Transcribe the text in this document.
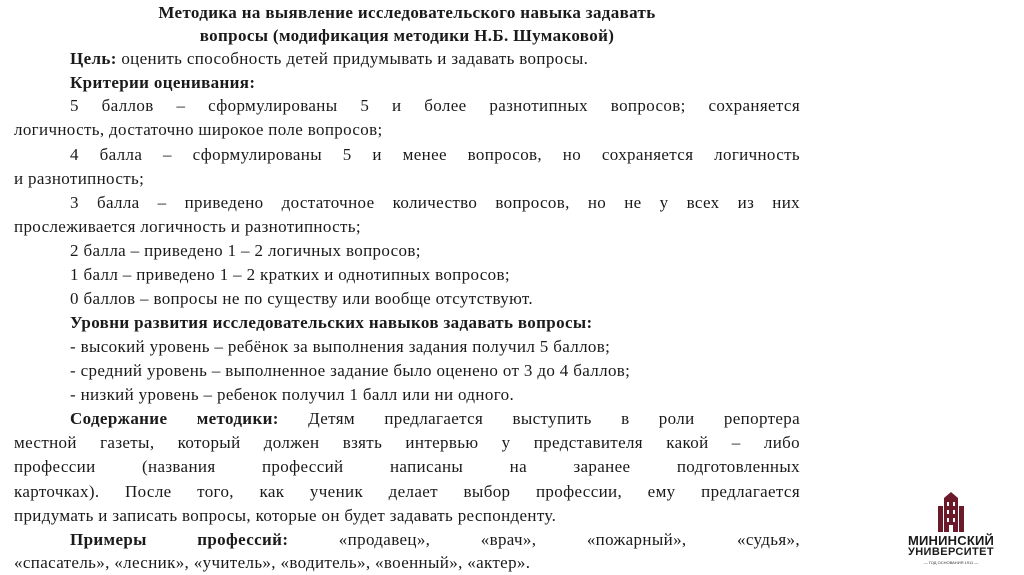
Методика на выявление исследовательского навыка задавать
вопросы (модификация методики Н.Б. Шумаковой)
Цель: оценить способность детей придумывать и задавать вопросы.
Критерии оценивания:
5 баллов – сформулированы 5 и более разнотипных вопросов; сохраняется
логичность, достаточно широкое поле вопросов;
4 балла – сформулированы 5 и менее вопросов, но сохраняется логичность
и разнотипность;
3 балла – приведено достаточное количество вопросов, но не у всех из них
прослеживается логичность и разнотипность;
2 балла – приведено 1 – 2 логичных вопросов;
1 балл – приведено 1 – 2 кратких и однотипных вопросов;
0 баллов – вопросы не по существу или вообще отсутствуют.
Уровни развития исследовательских навыков задавать вопросы:
- высокий уровень – ребёнок за выполнения задания получил 5 баллов;
- средний уровень – выполненное задание было оценено от 3 до 4 баллов;
- низкий уровень – ребенок получил 1 балл или ни одного.
Содержание методики: Детям предлагается выступить в роли репортера
местной газеты, который должен взять интервью у представителя какой – либо
профессии (названия профессий написаны на заранее подготовленных
карточках). После того, как ученик делает выбор профессии, ему предлагается
придумать и записать вопросы, которые он будет задавать респонденту.
Примеры профессий: «продавец», «врач», «пожарный», «судья»,
«спасатель», «лесник», «учитель», «водитель», «военный», «актер».
МИНИНСКИЙ
УНИВЕРСИТЕТ
— ГОД ОСНОВАНИЯ 1911 —
